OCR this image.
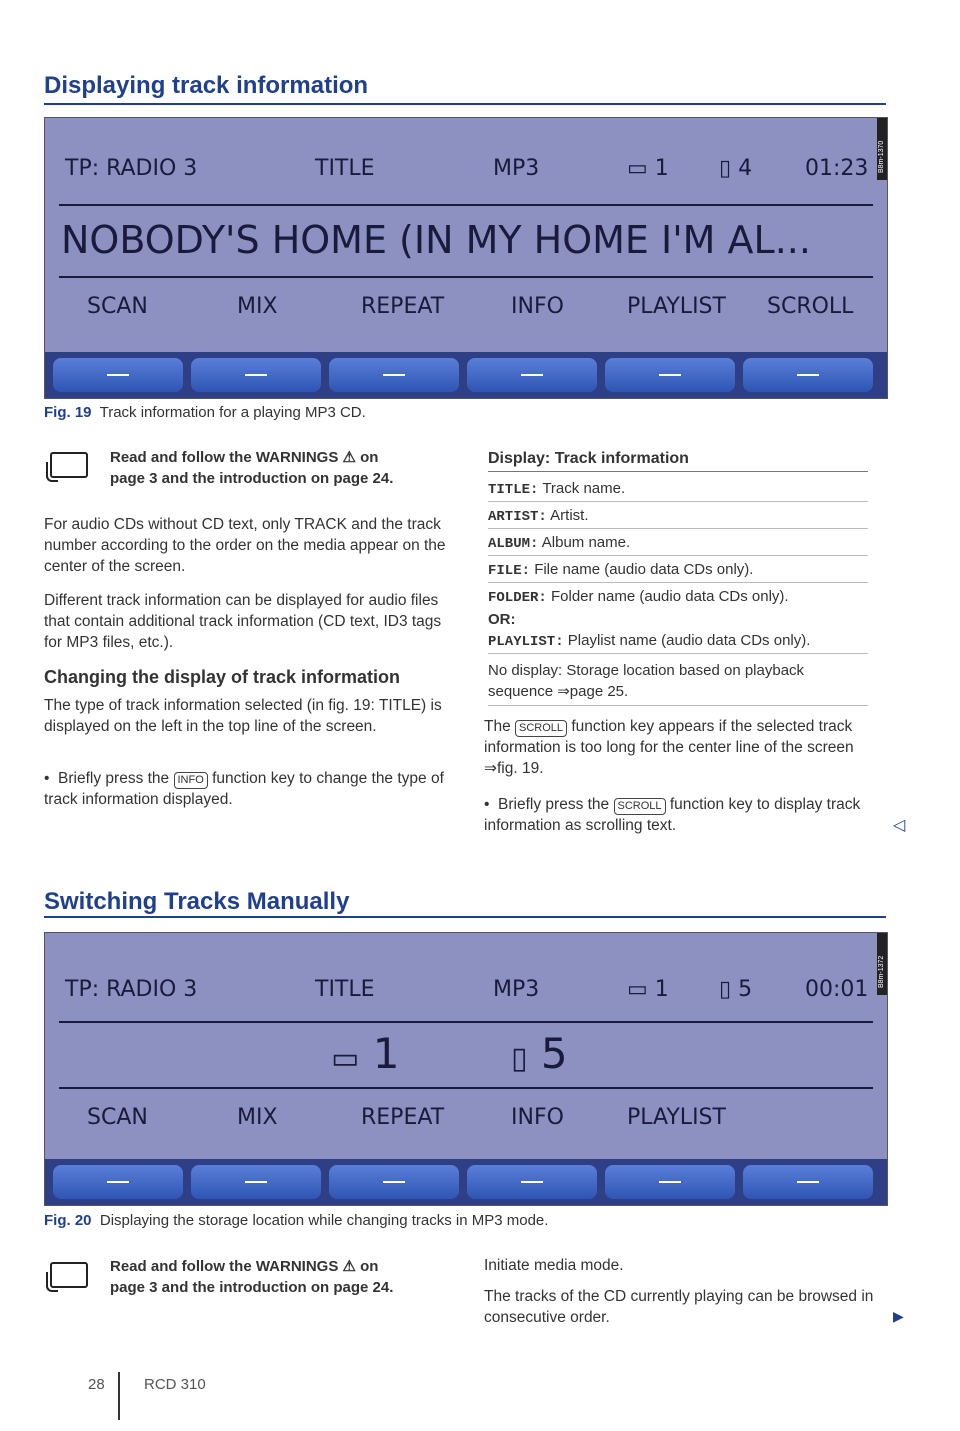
Displaying track information
B8m-1370
TP: RADIO 3	TITLE	MP3	▭ 1 ▯ 4 01:23
NOBODY'S HOME (IN MY HOME I'M AL...
SCAN	MIX	REPEAT	INFO	PLAYLIST SCROLL
Fig. 19 Track information for a playing MP3 CD.
Read and follow the WARNINGS ⚠ on
page 3 and the introduction on page 24.
For audio CDs without CD text, only TRACK and the track number according to the order on the media appear on the center of the screen.
Different track information can be displayed for audio files that contain additional track information (CD text, ID3 tags for MP3 files, etc.).
Changing the display of track information
The type of track information selected (in fig. 19: TITLE) is displayed on the left in the top line of the screen.
•  Briefly press the INFO function key to change the type of track information displayed.
Display: Track information
TITLE: Track name.
ARTIST: Artist.
ALBUM: Album name.
FILE: File name (audio data CDs only).
FOLDER: Folder name (audio data CDs only).
OR:
PLAYLIST: Playlist name (audio data CDs only).
No display: Storage location based on playback
sequence ⇒page 25.
The SCROLL function key appears if the selected track information is too long for the center line of the screen ⇒fig. 19.
•  Briefly press the SCROLL function key to display track information as scrolling text.	◁
Switching Tracks Manually
B8m-1372
TP: RADIO 3	TITLE	MP3	▭ 1 ▯ 5 00:01
▭ 1	▯ 5
SCAN	MIX	REPEAT	INFO	PLAYLIST
Fig. 20 Displaying the storage location while changing tracks in MP3 mode.
Read and follow the WARNINGS ⚠ on
page 3 and the introduction on page 24.
Initiate media mode.
The tracks of the CD currently playing can be browsed in consecutive order.	▶
28	RCD 310
